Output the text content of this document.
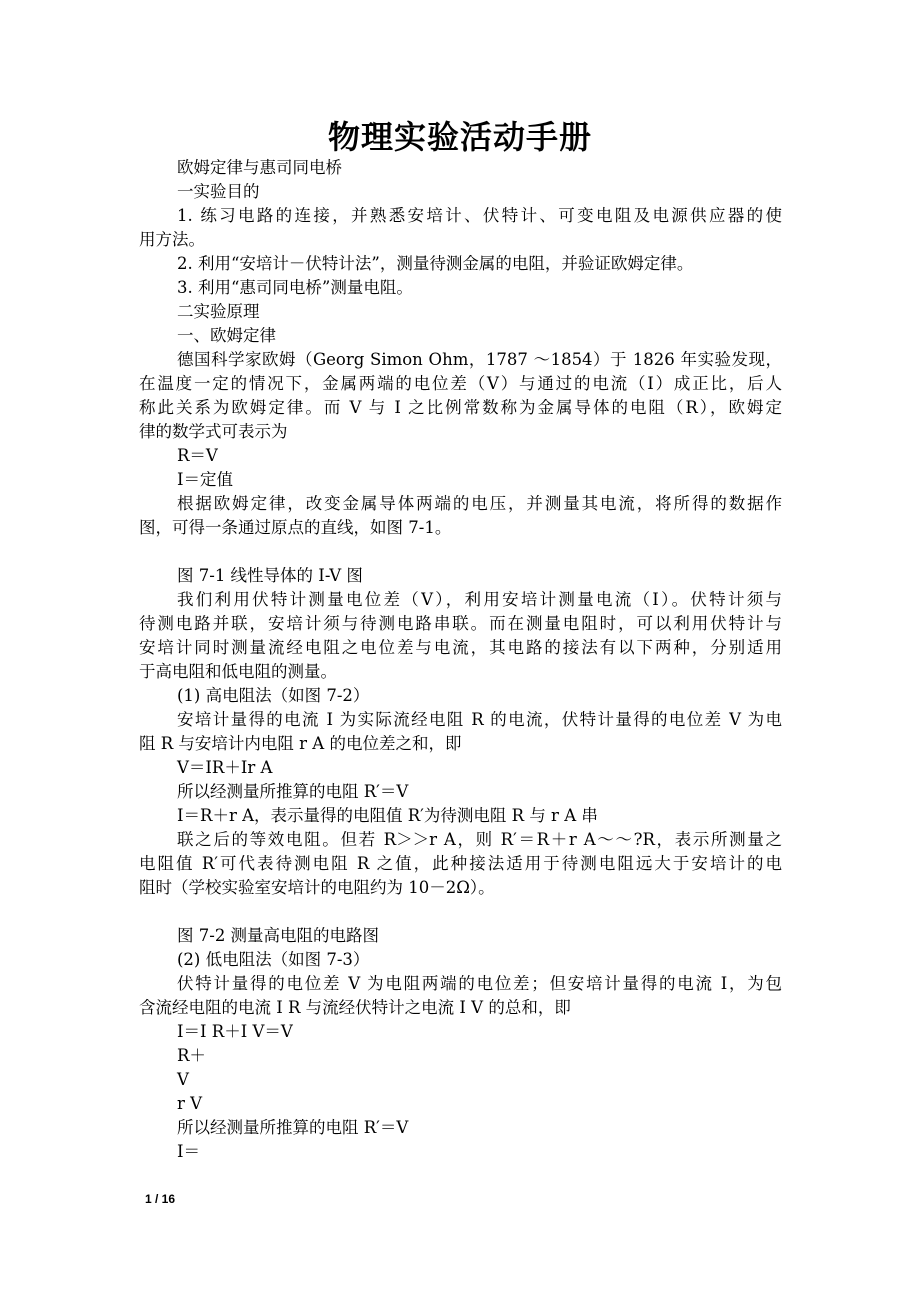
物理实验活动手册
欧姆定律与惠司同电桥
一实验目的
1. 练习电路的连接，并熟悉安培计、伏特计、可变电阻及电源供应器的使
用方法。
2. 利用“安培计－伏特计法”，测量待测金属的电阻，并验证欧姆定律。
3. 利用“惠司同电桥”测量电阻。
二实验原理
一、欧姆定律
德国科学家欧姆（Georg Simon Ohm，1787 ～1854）于 1826 年实验发现，
在温度一定的情况下，金属两端的电位差（V）与通过的电流（I）成正比，后人
称此关系为欧姆定律。而 V 与 I 之比例常数称为金属导体的电阻（R），欧姆定
律的数学式可表示为
R＝V
I＝定值
根据欧姆定律，改变金属导体两端的电压，并测量其电流，将所得的数据作
图，可得一条通过原点的直线，如图 7-1。
图 7-1 线性导体的 I-V 图
我们利用伏特计测量电位差（V），利用安培计测量电流（I）。伏特计须与
待测电路并联，安培计须与待测电路串联。而在测量电阻时，可以利用伏特计与
安培计同时测量流经电阻之电位差与电流，其电路的接法有以下两种，分别适用
于高电阻和低电阻的测量。
(1) 高电阻法（如图 7-2）
安培计量得的电流 I 为实际流经电阻 R 的电流，伏特计量得的电位差 V 为电
阻 R 与安培计内电阻 r A 的电位差之和，即
V＝IR＋Ir A
所以经测量所推算的电阻 R′＝V
I＝R＋r A，表示量得的电阻值 R′为待测电阻 R 与 r A 串
联之后的等效电阻。但若 R＞＞r A，则 R′＝R＋r A～～?R，表示所测量之
电阻值 R′可代表待测电阻 R 之值，此种接法适用于待测电阻远大于安培计的电
阻时（学校实验室安培计的电阻约为 10－2Ω）。
图 7-2 测量高电阻的电路图
(2) 低电阻法（如图 7-3）
伏特计量得的电位差 V 为电阻两端的电位差；但安培计量得的电流 I，为包
含流经电阻的电流 I R 与流经伏特计之电流 I V 的总和，即
I＝I R＋I V＝V
R＋
V
r V
所以经测量所推算的电阻 R′＝V
I＝
1 / 16
